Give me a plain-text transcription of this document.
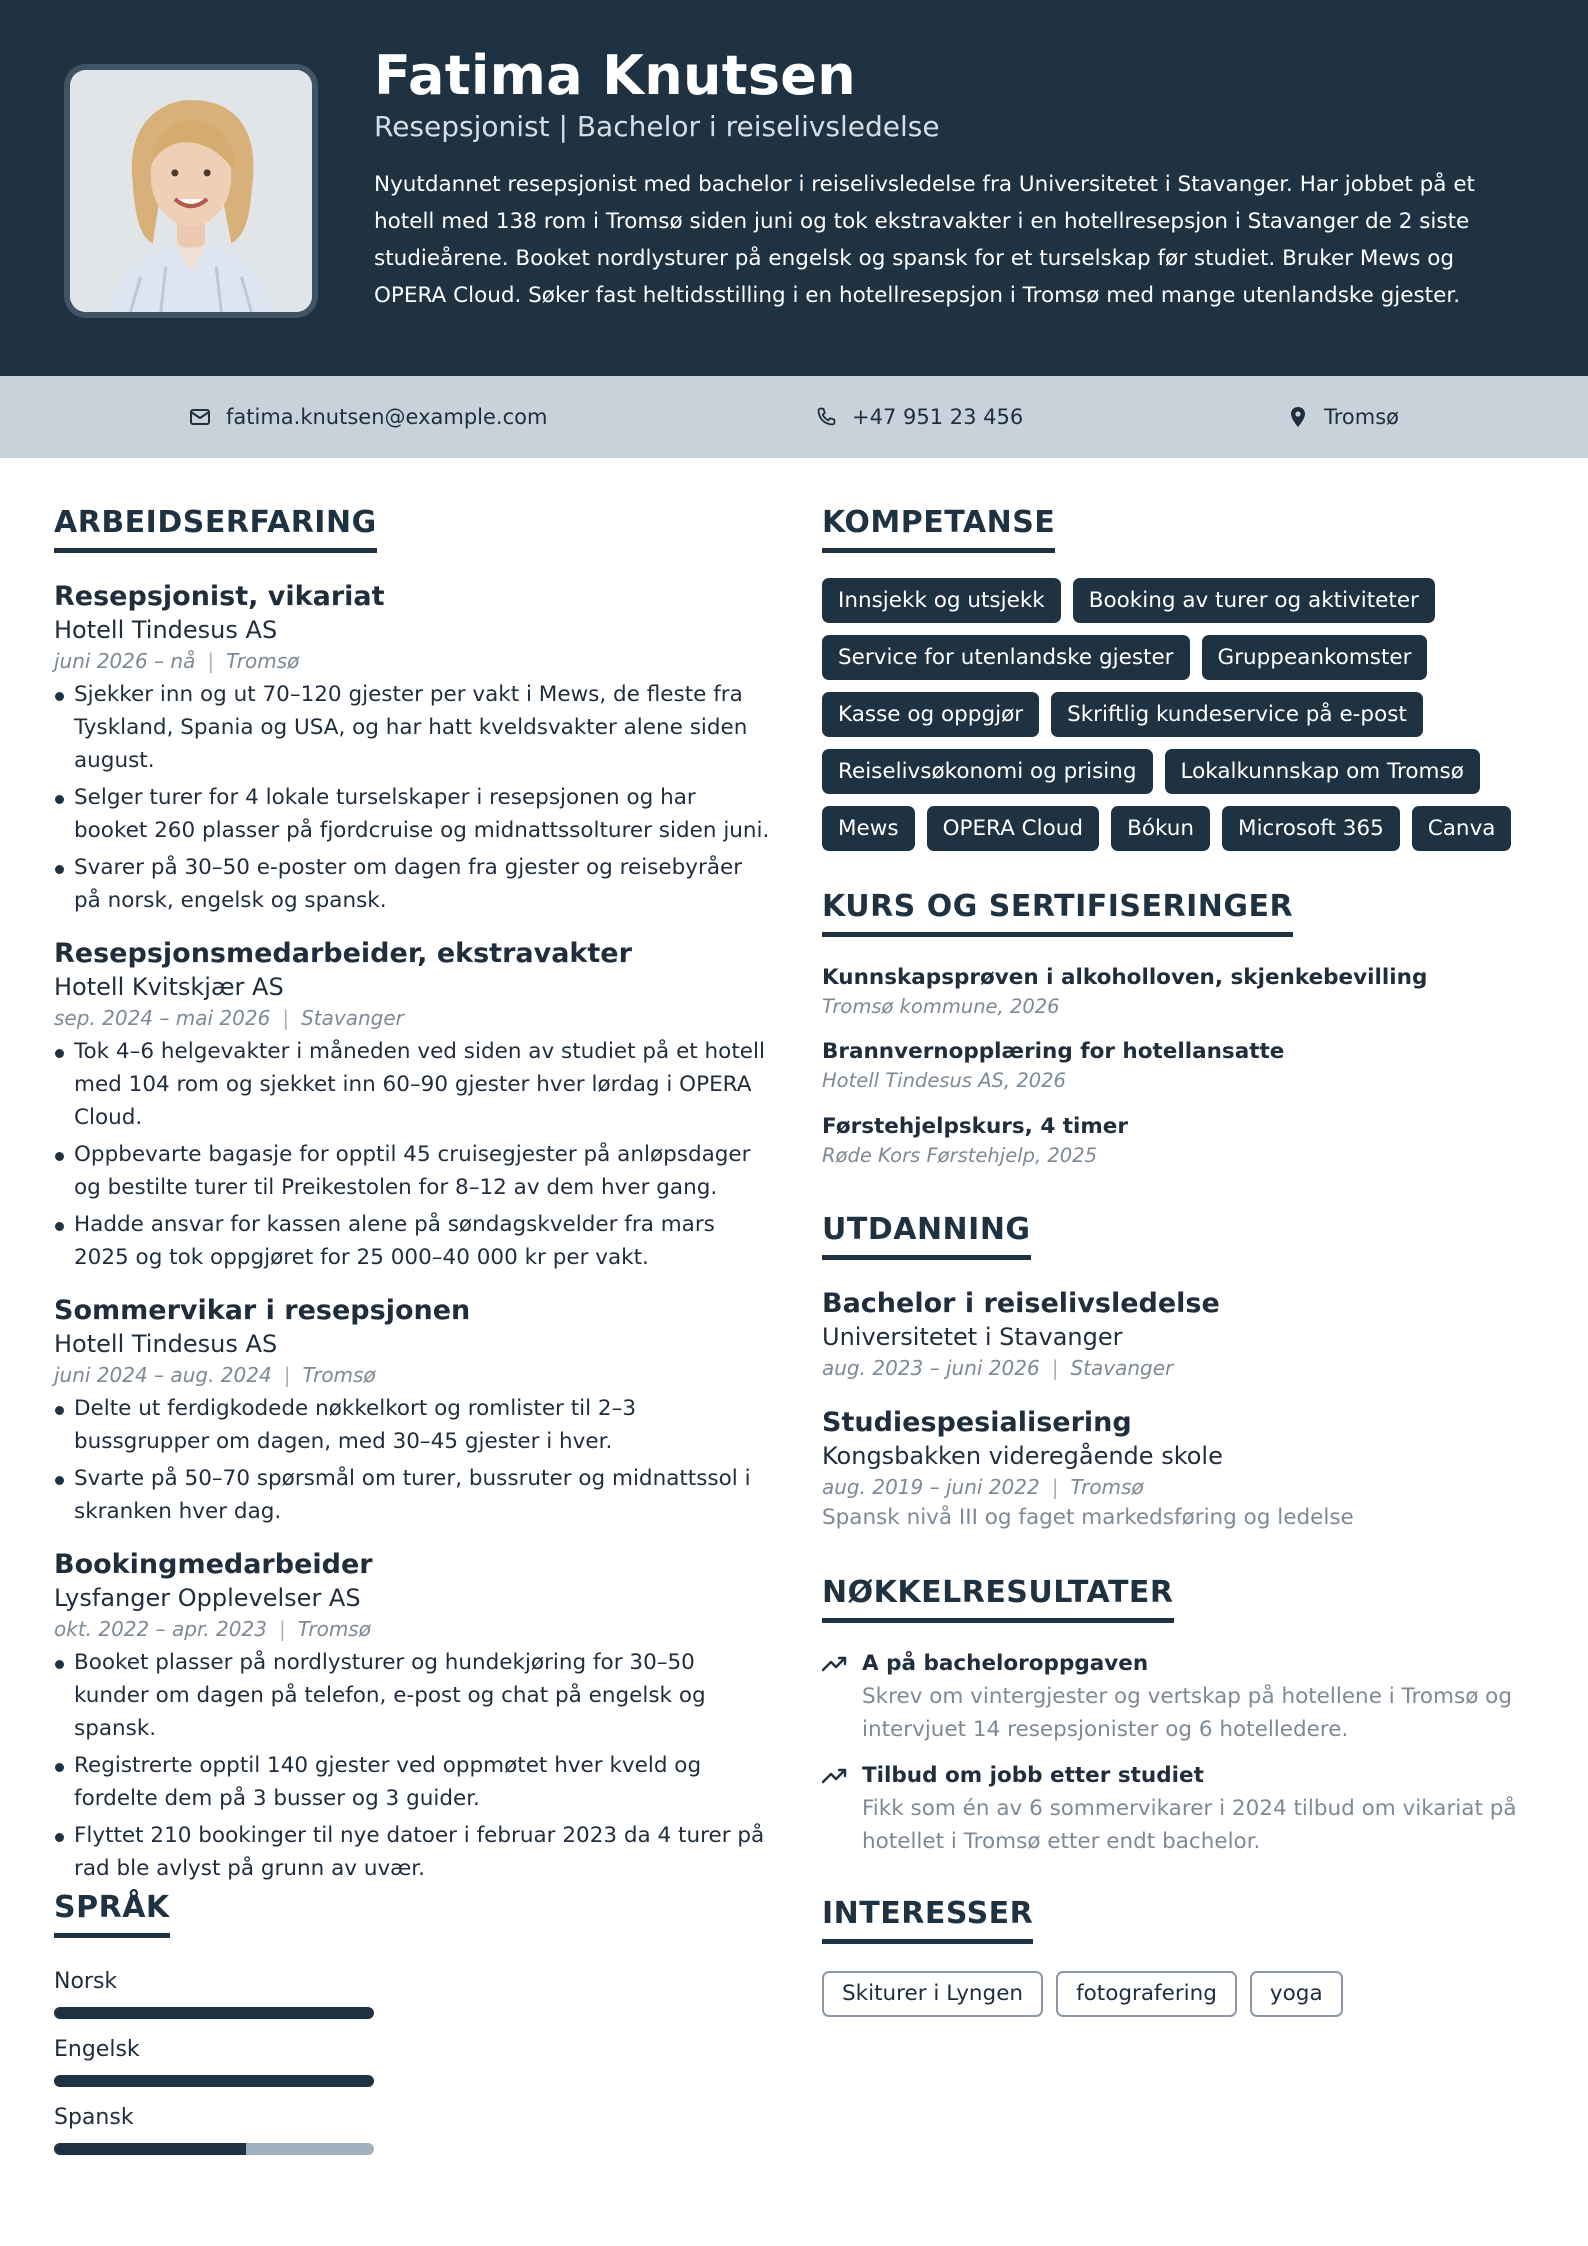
Fatima Knutsen
Resepsjonist | Bachelor i reiselivsledelse
Nyutdannet resepsjonist med bachelor i reiselivsledelse fra Universitetet i Stavanger. Har jobbet på et hotell med 138 rom i Tromsø siden juni og tok ekstravakter i en hotellresepsjon i Stavanger de 2 siste studieårene. Booket nordlysturer på engelsk og spansk for et turselskap før studiet. Bruker Mews og OPERA Cloud. Søker fast heltidsstilling i en hotellresepsjon i Tromsø med mange utenlandske gjester.
fatima.knutsen@example.com	+47 951 23 456	Tromsø
ARBEIDSERFARING
Resepsjonist, vikariat
Hotell Tindesus AS
juni 2026 – nå | Tromsø
Sjekker inn og ut 70–120 gjester per vakt i Mews, de fleste fra Tyskland, Spania og USA, og har hatt kveldsvakter alene siden august.
Selger turer for 4 lokale turselskaper i resepsjonen og har booket 260 plasser på fjordcruise og midnattssolturer siden juni.
Svarer på 30–50 e-poster om dagen fra gjester og reisebyråer på norsk, engelsk og spansk.
Resepsjonsmedarbeider, ekstravakter
Hotell Kvitskjær AS
sep. 2024 – mai 2026 | Stavanger
Tok 4–6 helgevakter i måneden ved siden av studiet på et hotell med 104 rom og sjekket inn 60–90 gjester hver lørdag i OPERA Cloud.
Oppbevarte bagasje for opptil 45 cruisegjester på anløpsdager og bestilte turer til Preikestolen for 8–12 av dem hver gang.
Hadde ansvar for kassen alene på søndagskvelder fra mars 2025 og tok oppgjøret for 25 000–40 000 kr per vakt.
Sommervikar i resepsjonen
Hotell Tindesus AS
juni 2024 – aug. 2024 | Tromsø
Delte ut ferdigkodede nøkkelkort og romlister til 2–3 bussgrupper om dagen, med 30–45 gjester i hver.
Svarte på 50–70 spørsmål om turer, bussruter og midnattssol i skranken hver dag.
Bookingmedarbeider
Lysfanger Opplevelser AS
okt. 2022 – apr. 2023 | Tromsø
Booket plasser på nordlysturer og hundekjøring for 30–50 kunder om dagen på telefon, e-post og chat på engelsk og spansk.
Registrerte opptil 140 gjester ved oppmøtet hver kveld og fordelte dem på 3 busser og 3 guider.
Flyttet 210 bookinger til nye datoer i februar 2023 da 4 turer på rad ble avlyst på grunn av uvær.
SPRÅK
Norsk
Engelsk
Spansk
KOMPETANSE
Innsjekk og utsjekk	Booking av turer og aktiviteter
Service for utenlandske gjester	Gruppeankomster
Kasse og oppgjør	Skriftlig kundeservice på e-post
Reiselivsøkonomi og prising	Lokalkunnskap om Tromsø
Mews	OPERA Cloud	Bókun	Microsoft 365	Canva
KURS OG SERTIFISERINGER
Kunnskapsprøven i alkoholloven, skjenkebevilling
Tromsø kommune, 2026
Brannvernopplæring for hotellansatte
Hotell Tindesus AS, 2026
Førstehjelpskurs, 4 timer
Røde Kors Førstehjelp, 2025
UTDANNING
Bachelor i reiselivsledelse
Universitetet i Stavanger
aug. 2023 – juni 2026 | Stavanger
Studiespesialisering
Kongsbakken videregående skole
aug. 2019 – juni 2022 | Tromsø
Spansk nivå III og faget markedsføring og ledelse
NØKKELRESULTATER
A på bacheloroppgaven
Skrev om vintergjester og vertskap på hotellene i Tromsø og intervjuet 14 resepsjonister og 6 hotelledere.
Tilbud om jobb etter studiet
Fikk som én av 6 sommervikarer i 2024 tilbud om vikariat på hotellet i Tromsø etter endt bachelor.
INTERESSER
Skiturer i Lyngen	fotografering	yoga
